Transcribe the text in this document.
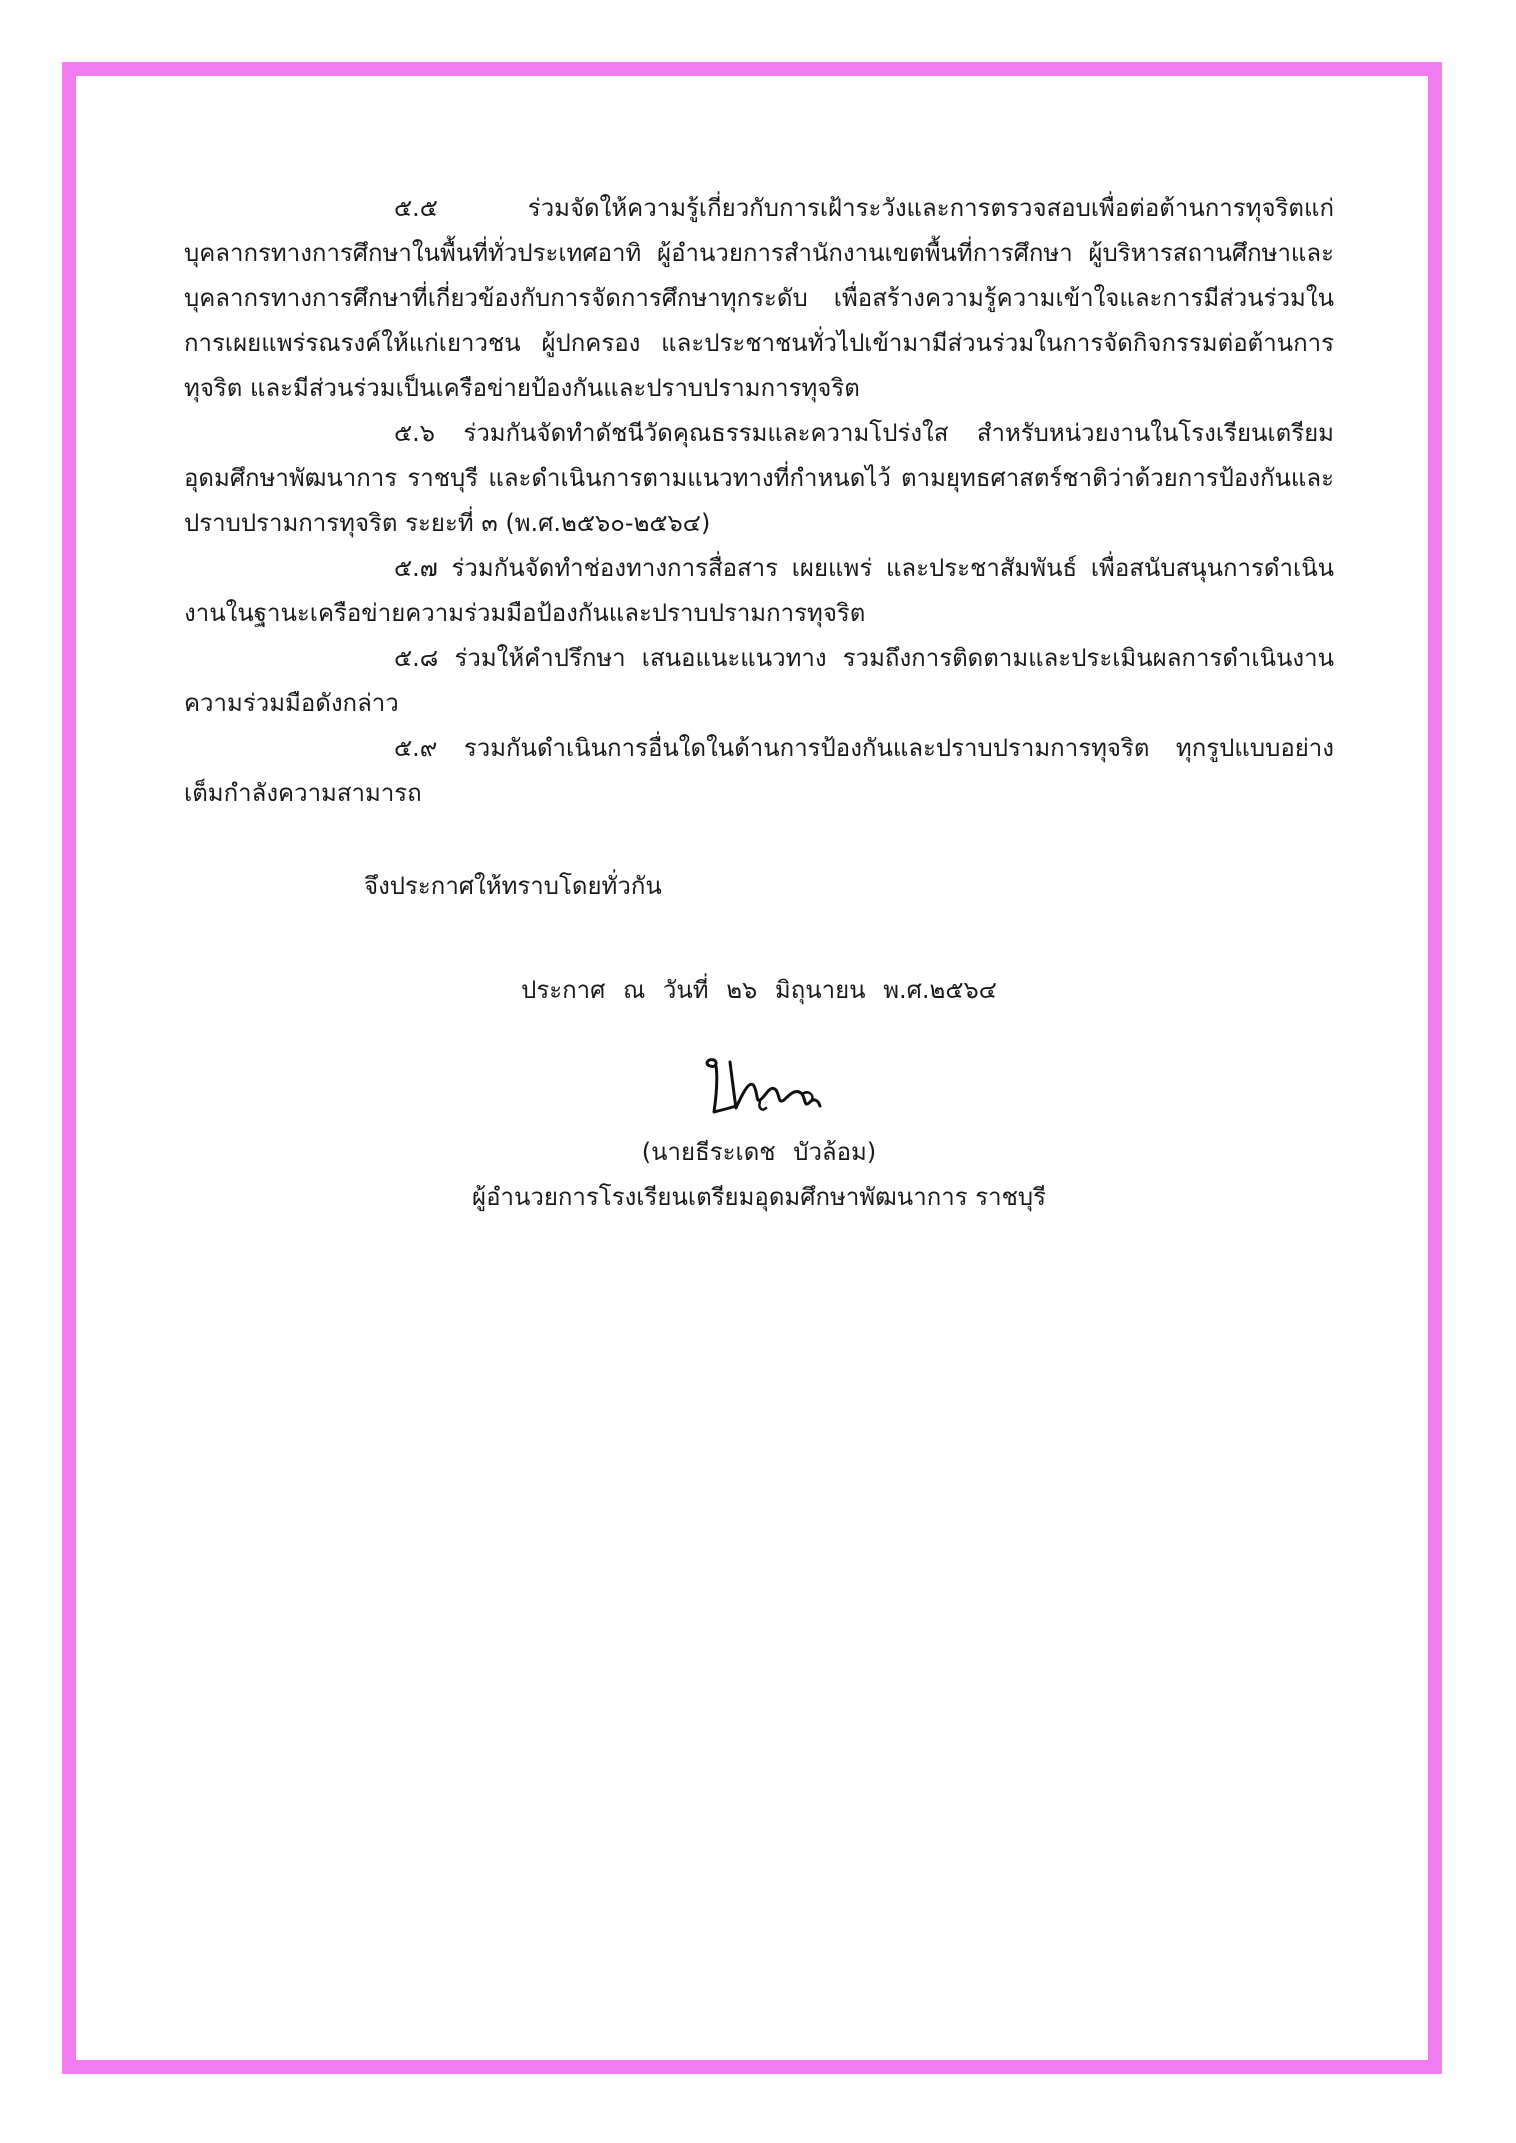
๕.๕ ร่วมจัดให้ความรู้เกี่ยวกับการเฝ้าระวังและการตรวจสอบเพื่อต่อต้านการทุจริตแก่บุคลากรทางการศึกษาในพื้นที่ทั่วประเทศอาทิ ผู้อำนวยการสำนักงานเขตพื้นที่การศึกษา ผู้บริหารสถานศึกษาและบุคลากรทางการศึกษาที่เกี่ยวข้องกับการจัดการศึกษาทุกระดับ เพื่อสร้างความรู้ความเข้าใจและการมีส่วนร่วมในการเผยแพร่รณรงค์ให้แก่เยาวชน ผู้ปกครอง และประชาชนทั่วไปเข้ามามีส่วนร่วมในการจัดกิจกรรมต่อต้านการทุจริต และมีส่วนร่วมเป็นเครือข่ายป้องกันและปราบปรามการทุจริต

๕.๖ ร่วมกันจัดทำดัชนีวัดคุณธรรมและความโปร่งใส สำหรับหน่วยงานในโรงเรียนเตรียมอุดมศึกษาพัฒนาการ ราชบุรี และดำเนินการตามแนวทางที่กำหนดไว้ ตามยุทธศาสตร์ชาติว่าด้วยการป้องกันและปราบปรามการทุจริต ระยะที่ ๓ (พ.ศ.๒๕๖๐-๒๕๖๔)

๕.๗ ร่วมกันจัดทำช่องทางการสื่อสาร เผยแพร่ และประชาสัมพันธ์ เพื่อสนับสนุนการดำเนินงานในฐานะเครือข่ายความร่วมมือป้องกันและปราบปรามการทุจริต

๕.๘ ร่วมให้คำปรึกษา เสนอแนะแนวทาง รวมถึงการติดตามและประเมินผลการดำเนินงานความร่วมมือดังกล่าว

๕.๙ รวมกันดำเนินการอื่นใดในด้านการป้องกันและปราบปรามการทุจริต ทุกรูปแบบอย่างเต็มกำลังความสามารถ

จึงประกาศให้ทราบโดยทั่วกัน

ประกาศ ณ วันที่ ๒๖ มิถุนายน พ.ศ.๒๕๖๔
(นายธีระเดช บัวล้อม)
ผู้อำนวยการโรงเรียนเตรียมอุดมศึกษาพัฒนาการ ราชบุรี
